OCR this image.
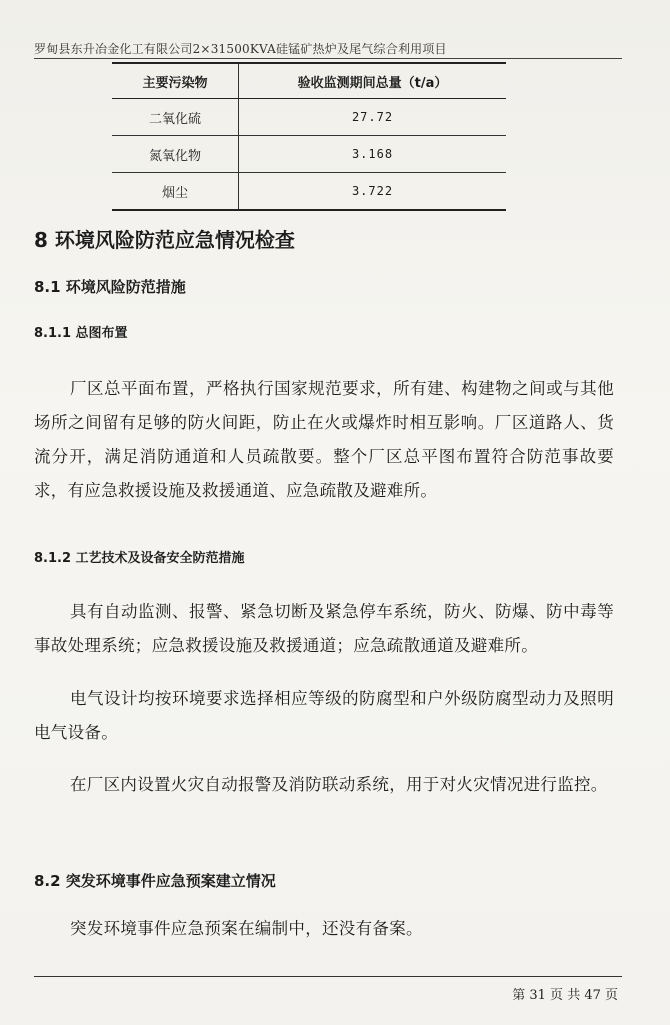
罗甸县东升冶金化工有限公司2×31500KVA硅锰矿热炉及尾气综合利用项目
主要污染物	验收监测期间总量（t/a）
二氧化硫	27.72
氮氧化物	3.168
烟尘	3.722
8 环境风险防范应急情况检查
8.1 环境风险防范措施
8.1.1 总图布置
厂区总平面布置，严格执行国家规范要求，所有建、构建物之间或与其他场所之间留有足够的防火间距，防止在火或爆炸时相互影响。厂区道路人、货流分开，满足消防通道和人员疏散要。整个厂区总平图布置符合防范事故要求，有应急救援设施及救援通道、应急疏散及避难所。
8.1.2 工艺技术及设备安全防范措施
具有自动监测、报警、紧急切断及紧急停车系统，防火、防爆、防中毒等事故处理系统；应急救援设施及救援通道；应急疏散通道及避难所。
电气设计均按环境要求选择相应等级的防腐型和户外级防腐型动力及照明电气设备。
在厂区内设置火灾自动报警及消防联动系统，用于对火灾情况进行监控。
8.2 突发环境事件应急预案建立情况
突发环境事件应急预案在编制中，还没有备案。
第 31 页 共 47 页
